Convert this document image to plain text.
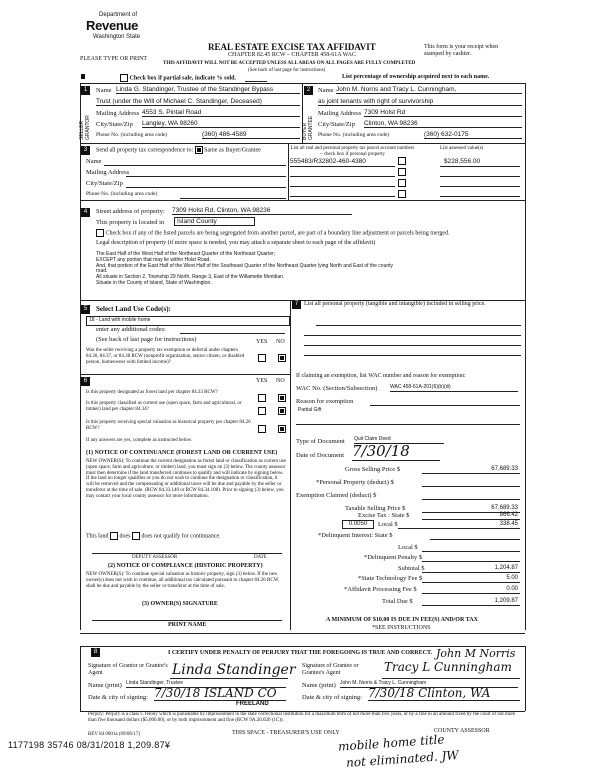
Department of
Revenue
Washington State
REAL ESTATE EXCISE TAX AFFIDAVIT
CHAPTER 82.45 RCW – CHAPTER 458-61A WAC
PLEASE TYPE OR PRINT
THIS AFFIDAVIT WILL NOT BE ACCEPTED UNLESS ALL AREAS ON ALL PAGES ARE FULLY COMPLETED
(See back of last page for instructions)
This form is your receipt when stamped by cashier.
Check box if partial sale, indicate % sold.	List percentage of ownership acquired next to each name.
1
SELLER GRANTOR
Name Linda G. Standinger, Trustee of the Standinger Bypass
Trust (under the Will of Michael C. Standinger, Deceased)
Mailing Address 4553 S. Pintail Road
City/State/Zip Langley, WA 98260
Phone No. (including area code)	(360) 486-4589
2
BUYER GRANTEE
Name John M. Norris and Tracy L. Cunningham,
as joint tenants with right of survivorship
Mailing Address 7309 Holst Rd
City/State/Zip Clinton, WA 98236
Phone No. (including area code)	(360) 632-0175
3	Send all property tax correspondence to: Same as Buyer/Grantee
Name
Mailing Address
City/State/Zip
Phone No. (including area code)
List all real and personal property tax parcel account numbers – check box if personal property
List assessed value(s)
555483/R32802-460-4380	$228,556.00
4	Street address of property: 7309 Holst Rd, Clinton, WA 98236
This property is located in	Island County
Check box if any of the listed parcels are being segregated from another parcel, are part of a boundary line adjustment or parcels being merged.
Legal description of property (if more space is needed, you may attach a separate sheet to each page of the affidavit)
The East Half of the West Half of the Northeast Quarter of the Northeast Quarter;
EXCEPT any portion that may lie within Holst Road.
And, that portion of the East Half of the West Half of the Southeast Quarter of the Northeast Quarter lying North and East of the county
road.
All situate in Section 2, Township 29 North, Range 3, East of the Willamette Meridian.
Situate in the County of Island, State of Washington.
5	Select Land Use Code(s):
18 - Land with mobile home
enter any additional codes:
(See back of last page for instructions)	YES NO
Was the seller receiving a property tax exemption or deferral under chapters 84.36, 84.37, or 84.38 RCW (nonprofit organization, senior citizen, or disabled person, homeowner with limited income)?
6	YES NO
Is this property designated as forest land per chapter 84.33 RCW?
Is this property classified as current use (open space, farm and agricultural, or timber) land per chapter 84.34?
Is this property receiving special valuation as historical property per chapter 84.26 RCW?
If any answers are yes, complete as instructed below.
(1) NOTICE OF CONTINUANCE (FOREST LAND OR CURRENT USE)
NEW OWNER(S): To continue the current designation as forest land or classification as current use (open space, farm and agriculture, or timber) land, you must sign on (3) below. The county assessor must then determine if the land transferred continues to qualify and will indicate by signing below. If the land no longer qualifies or you do not wish to continue the designation or classification, it will be removed and the compensating or additional taxes will be due and payable by the seller or transferor at the time of sale. (RCW 84.33.140 or RCW 84.34.108). Prior to signing (3) below, you may contact your local county assessor for more information.
This land does does not qualify for continuance.
DEPUTY ASSESSOR	DATE
(2) NOTICE OF COMPLIANCE (HISTORIC PROPERTY)
NEW OWNER(S): To continue special valuation as historic property, sign (3) below. If the new owner(s) does not wish to continue, all additional tax calculated pursuant to chapter 84.26 RCW, shall be due and payable by the seller or transferor at the time of sale.
(3) OWNER(S) SIGNATURE
PRINT NAME
7 List all personal property (tangible and intangible) included in selling price.
If claiming an exemption, list WAC number and reason for exemption:
WAC No. (Section/Subsection)	WAC 458-61A-201(6)(b)(iii)
Reason for exemption
Partial Gift
Type of Document Quit Claim Deed
Date of Document 7/30/18
Gross Selling Price $	67,689.33
*Personal Property (deduct) $
Exemption Claimed (deduct) $
Taxable Selling Price $	67,689.33
Excise Tax : State $	866.42
0.0050	Local $	338.45
*Delinquent Interest: State $
Local $
*Delinquent Penalty $
Subtotal $	1,204.87
*State Technology Fee $	5.00
*Affidavit Processing Fee $	0.00
Total Due $	1,209.87
A MINIMUM OF $10.00 IS DUE IN FEE(S) AND/OR TAX
*SEE INSTRUCTIONS
8	I CERTIFY UNDER PENALTY OF PERJURY THAT THE FOREGOING IS TRUE AND CORRECT.
Signature of Grantor or Grantor's Agent	Linda Standinger Signature of Grantee or Grantee's Agent	Tracy L Cunningham
John M Norris
Name (print) Linda Standinger, Trustee	Name (print) John M. Norris & Tracy L. Cunningham
Date & city of signing: 7/30/18 ISLAND CO
FREELAND
Date & city of signing: 7/30/18 Clinton, WA
Perjury: Perjury is a class C felony which is punishable by imprisonment in the state correctional institution for a maximum term of not more than five years, or by a fine in an amount fixed by the court of not more than five thousand dollars ($5,000.00), or by both imprisonment and fine (RCW 9A.20.020 (1C)).
REV 84 0001a (09/06/17)	THIS SPACE - TREASURER'S USE ONLY	COUNTY ASSESSOR
1177198 35746 08/31/2018 1,209.87¥	mobile home title
not eliminated. JW
